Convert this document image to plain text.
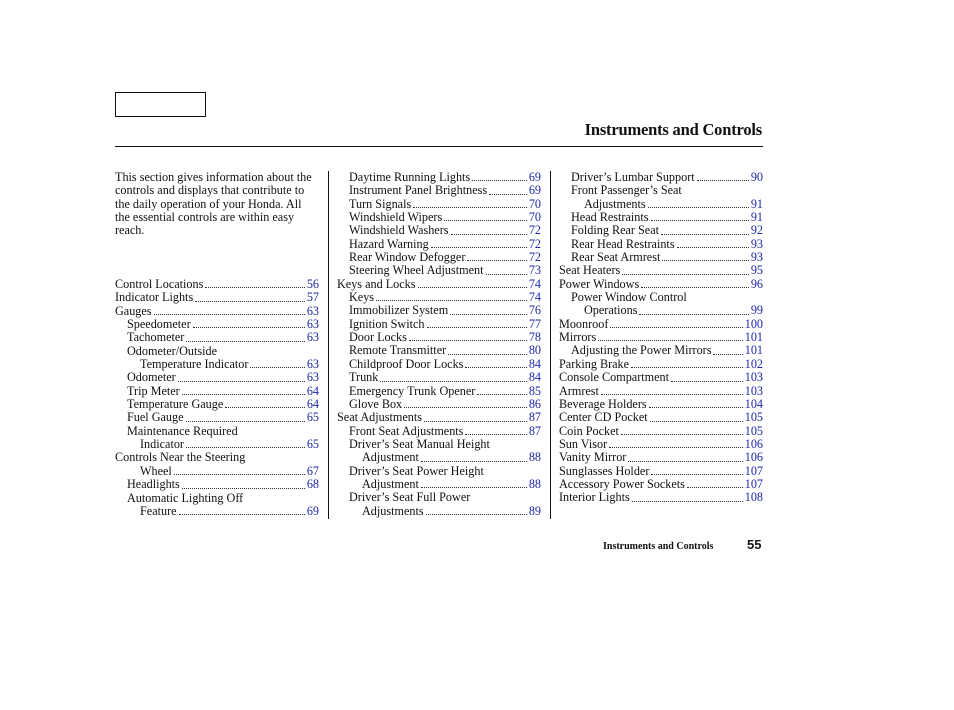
Instruments and Controls

This section gives information about the controls and displays that contribute to the daily operation of your Honda. All the essential controls are within easy reach.

Control Locations	56
Indicator Lights	57
Gauges	63
Speedometer	63
Tachometer	63
Odometer/Outside
Temperature Indicator	63
Odometer	63
Trip Meter	64
Temperature Gauge	64
Fuel Gauge	65
Maintenance Required
Indicator	65
Controls Near the Steering
Wheel	67
Headlights	68
Automatic Lighting Off
Feature	69
Daytime Running Lights	69
Instrument Panel Brightness	69
Turn Signals	70
Windshield Wipers	70
Windshield Washers	72
Hazard Warning	72
Rear Window Defogger	72
Steering Wheel Adjustment	73
Keys and Locks	74
Keys	74
Immobilizer System	76
Ignition Switch	77
Door Locks	78
Remote Transmitter	80
Childproof Door Locks	84
Trunk	84
Emergency Trunk Opener	85
Glove Box	86
Seat Adjustments	87
Front Seat Adjustments	87
Driver’s Seat Manual Height
Adjustment	88
Driver’s Seat Power Height
Adjustment	88
Driver’s Seat Full Power
Adjustments	89
Driver’s Lumbar Support	90
Front Passenger’s Seat
Adjustments	91
Head Restraints	91
Folding Rear Seat	92
Rear Head Restraints	93
Rear Seat Armrest	93
Seat Heaters	95
Power Windows	96
Power Window Control
Operations	99
Moonroof	100
Mirrors	101
Adjusting the Power Mirrors	101
Parking Brake	102
Console Compartment	103
Armrest	103
Beverage Holders	104
Center CD Pocket	105
Coin Pocket	105
Sun Visor	106
Vanity Mirror	106
Sunglasses Holder	107
Accessory Power Sockets	107
Interior Lights	108
Instruments and Controls	55
